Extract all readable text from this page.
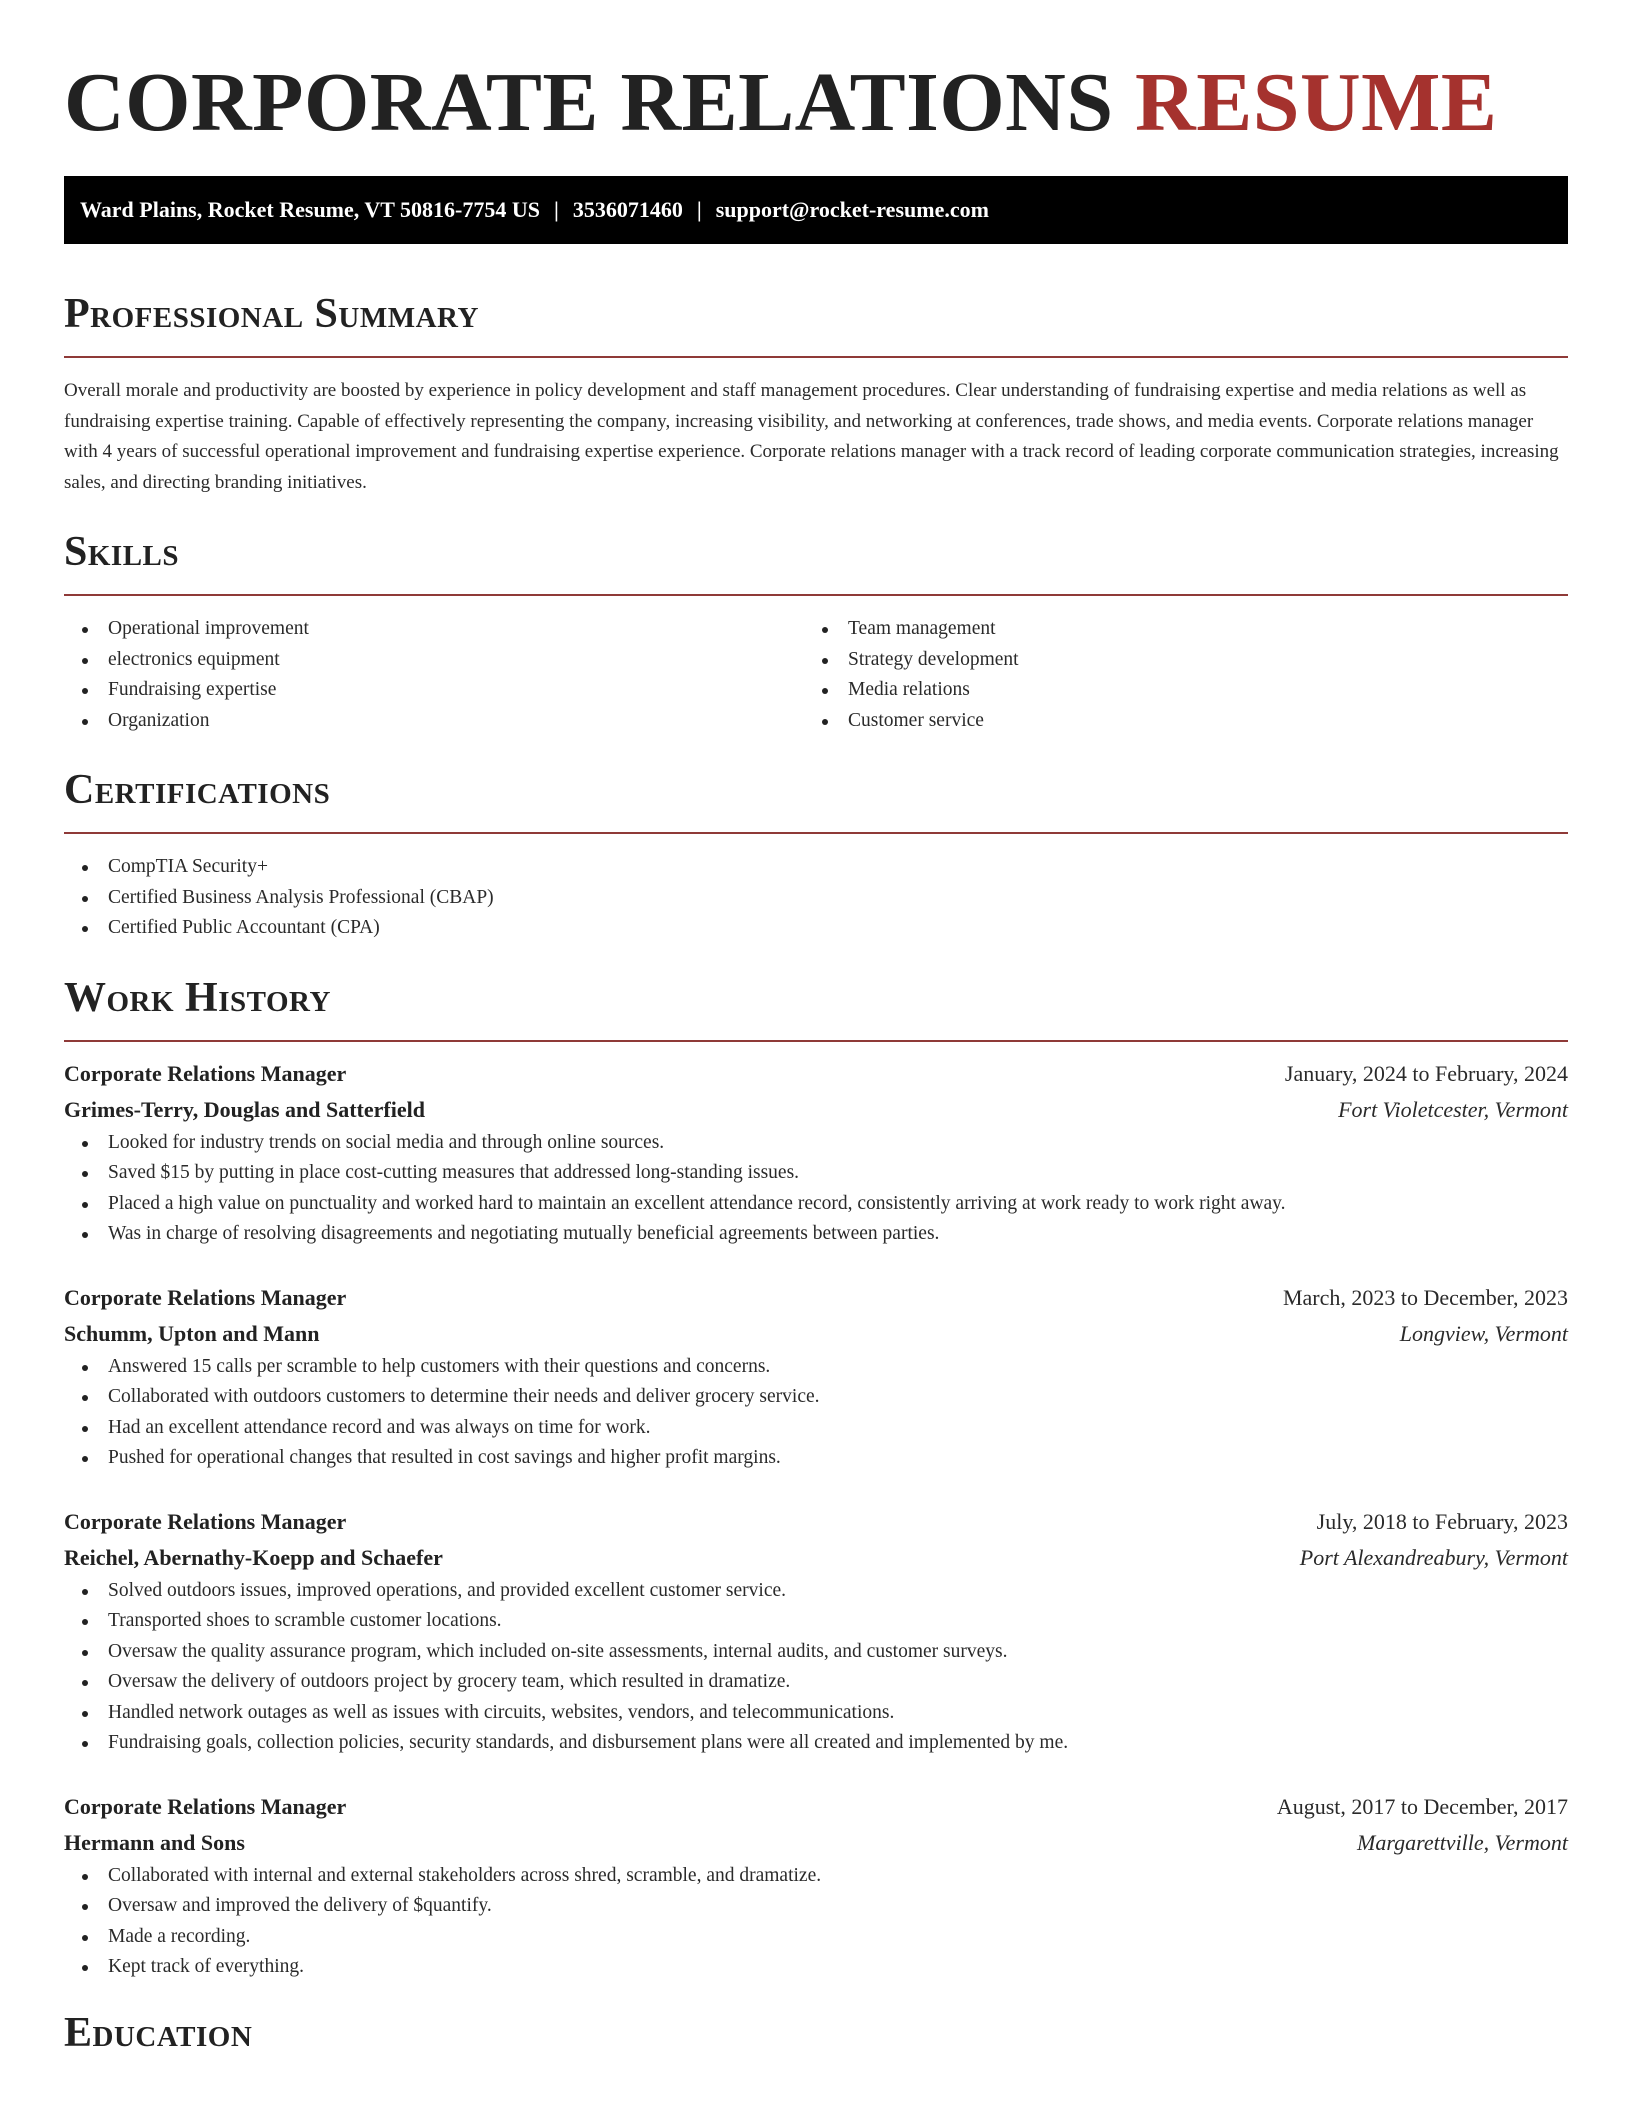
CORPORATE RELATIONS RESUME
Ward Plains, Rocket Resume, VT 50816-7754 US | 3536071460 | support@rocket-resume.com
Professional Summary

Overall morale and productivity are boosted by experience in policy development and staff management procedures. Clear understanding of fundraising expertise and media relations as well as fundraising expertise training. Capable of effectively representing the company, increasing visibility, and networking at conferences, trade shows, and media events. Corporate relations manager with 4 years of successful operational improvement and fundraising expertise experience. Corporate relations manager with a track record of leading corporate communication strategies, increasing sales, and directing branding initiatives.

Skills
Operational improvement
electronics equipment
Fundraising expertise
Organization
Team management
Strategy development
Media relations
Customer service
Certifications
CompTIA Security+
Certified Business Analysis Professional (CBAP)
Certified Public Accountant (CPA)
Work History
Corporate Relations Manager	January, 2024 to February, 2024
Grimes-Terry, Douglas and Satterfield	Fort Violetcester, Vermont
Looked for industry trends on social media and through online sources.
Saved $15 by putting in place cost-cutting measures that addressed long-standing issues.
Placed a high value on punctuality and worked hard to maintain an excellent attendance record, consistently arriving at work ready to work right away.
Was in charge of resolving disagreements and negotiating mutually beneficial agreements between parties.
Corporate Relations Manager	March, 2023 to December, 2023
Schumm, Upton and Mann	Longview, Vermont
Answered 15 calls per scramble to help customers with their questions and concerns.
Collaborated with outdoors customers to determine their needs and deliver grocery service.
Had an excellent attendance record and was always on time for work.
Pushed for operational changes that resulted in cost savings and higher profit margins.
Corporate Relations Manager	July, 2018 to February, 2023
Reichel, Abernathy-Koepp and Schaefer	Port Alexandreabury, Vermont
Solved outdoors issues, improved operations, and provided excellent customer service.
Transported shoes to scramble customer locations.
Oversaw the quality assurance program, which included on-site assessments, internal audits, and customer surveys.
Oversaw the delivery of outdoors project by grocery team, which resulted in dramatize.
Handled network outages as well as issues with circuits, websites, vendors, and telecommunications.
Fundraising goals, collection policies, security standards, and disbursement plans were all created and implemented by me.
Corporate Relations Manager	August, 2017 to December, 2017
Hermann and Sons	Margarettville, Vermont
Collaborated with internal and external stakeholders across shred, scramble, and dramatize.
Oversaw and improved the delivery of $quantify.
Made a recording.
Kept track of everything.
Education
